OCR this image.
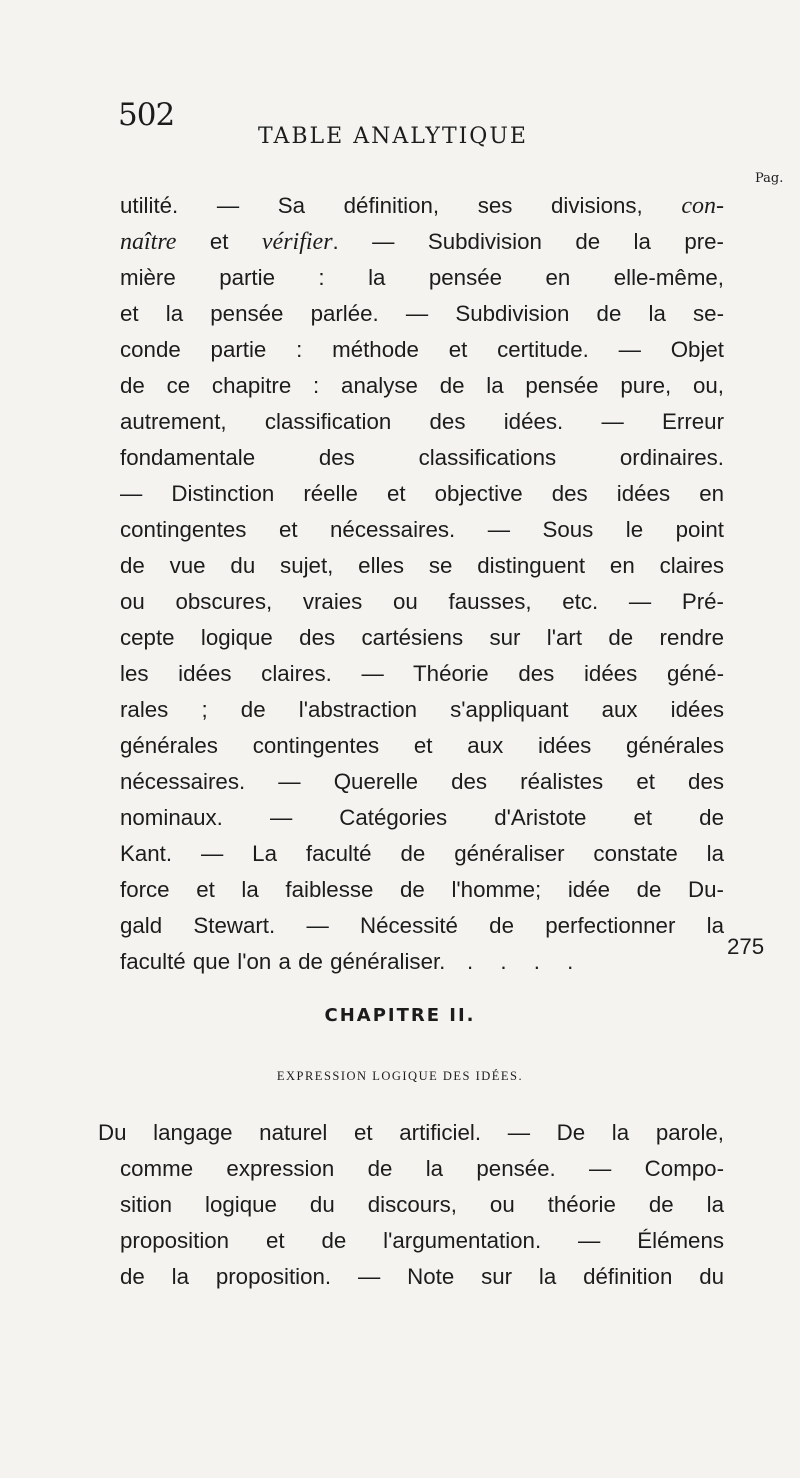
502
TABLE ANALYTIQUE
Pag.
utilité. — Sa définition, ses divisions, con-
naître et vérifier. — Subdivision de la pre-
mière partie : la pensée en elle-même,
et la pensée parlée. — Subdivision de la se-
conde partie : méthode et certitude. — Objet
de ce chapitre : analyse de la pensée pure, ou,
autrement, classification des idées. — Erreur
fondamentale des classifications ordinaires.
— Distinction réelle et objective des idées en
contingentes et nécessaires. — Sous le point
de vue du sujet, elles se distinguent en claires
ou obscures, vraies ou fausses, etc. — Pré-
cepte logique des cartésiens sur l'art de rendre
les idées claires. — Théorie des idées géné-
rales ; de l'abstraction s'appliquant aux idées
générales contingentes et aux idées générales
nécessaires. — Querelle des réalistes et des
nominaux. — Catégories d'Aristote et de
Kant. — La faculté de généraliser constate la
force et la faiblesse de l'homme; idée de Du-
gald Stewart. — Nécessité de perfectionner la
faculté que l'on a de généraliser. . . . .
275
CHAPITRE II.
EXPRESSION LOGIQUE DES IDÉES.
Du langage naturel et artificiel. — De la parole,
comme expression de la pensée. — Compo-
sition logique du discours, ou théorie de la
proposition et de l'argumentation. — Élémens
de la proposition. — Note sur la définition du
